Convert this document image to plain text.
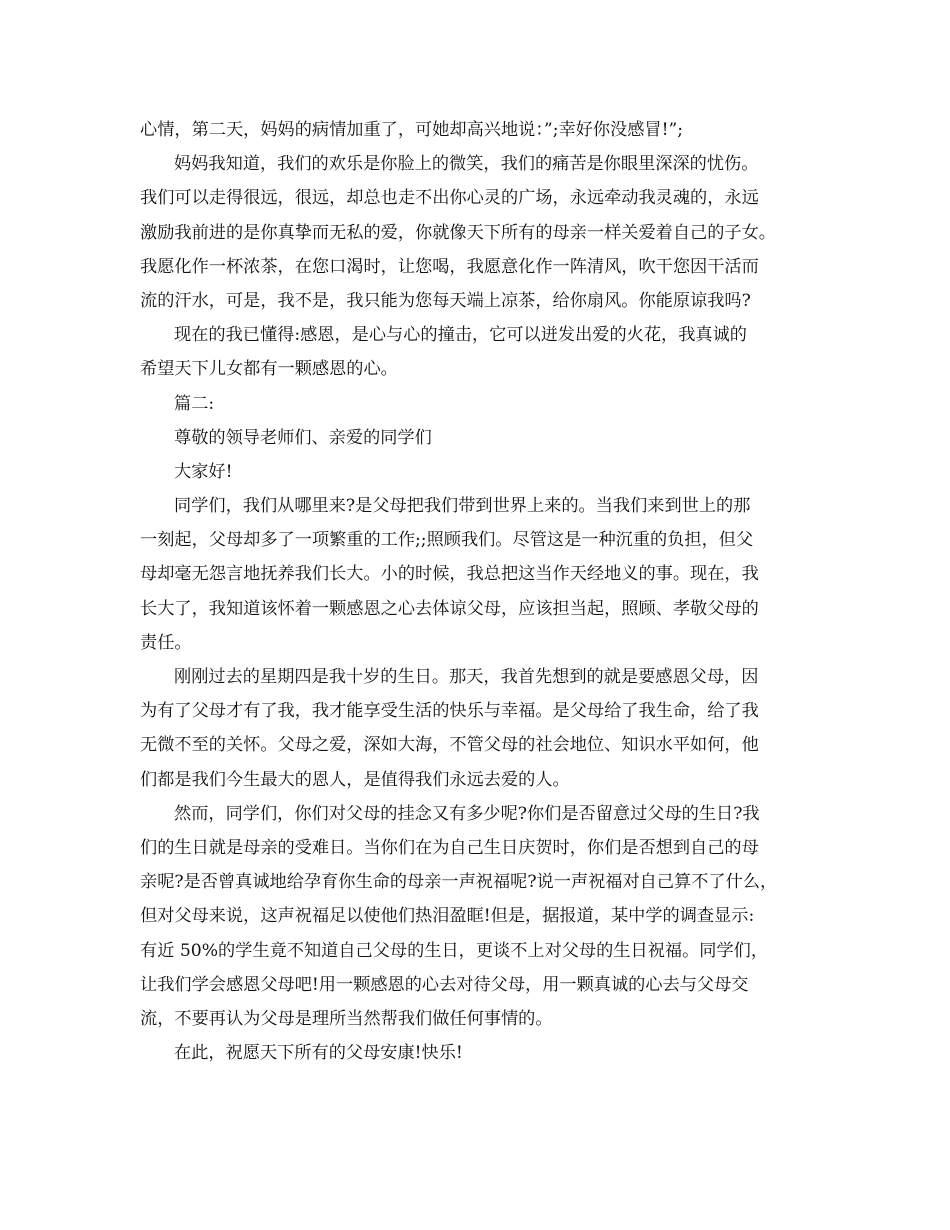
心情，第二天，妈妈的病情加重了，可她却高兴地说：”;幸好你没感冒!”;
妈妈我知道，我们的欢乐是你脸上的微笑，我们的痛苦是你眼里深深的忧伤。
我们可以走得很远，很远，却总也走不出你心灵的广场，永远牵动我灵魂的，永远
激励我前进的是你真挚而无私的爱，你就像天下所有的母亲一样关爱着自己的子女。
我愿化作一杯浓茶，在您口渴时，让您喝，我愿意化作一阵清风，吹干您因干活而
流的汗水，可是，我不是，我只能为您每天端上凉茶，给你扇风。你能原谅我吗?
现在的我已懂得:感恩，是心与心的撞击，它可以迸发出爱的火花，我真诚的
希望天下儿女都有一颗感恩的心。
篇二:
尊敬的领导老师们、亲爱的同学们
大家好!
同学们，我们从哪里来?是父母把我们带到世界上来的。当我们来到世上的那
一刻起，父母却多了一项繁重的工作;;照顾我们。尽管这是一种沉重的负担，但父
母却毫无怨言地抚养我们长大。小的时候，我总把这当作天经地义的事。现在，我
长大了，我知道该怀着一颗感恩之心去体谅父母，应该担当起，照顾、孝敬父母的
责任。
刚刚过去的星期四是我十岁的生日。那天，我首先想到的就是要感恩父母，因
为有了父母才有了我，我才能享受生活的快乐与幸福。是父母给了我生命，给了我
无微不至的关怀。父母之爱，深如大海，不管父母的社会地位、知识水平如何，他
们都是我们今生最大的恩人，是值得我们永远去爱的人。
然而，同学们，你们对父母的挂念又有多少呢?你们是否留意过父母的生日?我
们的生日就是母亲的受难日。当你们在为自己生日庆贺时，你们是否想到自己的母
亲呢?是否曾真诚地给孕育你生命的母亲一声祝福呢?说一声祝福对自己算不了什么，
但对父母来说，这声祝福足以使他们热泪盈眶!但是，据报道，某中学的调查显示:
有近 50%的学生竟不知道自己父母的生日，更谈不上对父母的生日祝福。同学们，
让我们学会感恩父母吧!用一颗感恩的心去对待父母，用一颗真诚的心去与父母交
流，不要再认为父母是理所当然帮我们做任何事情的。
在此，祝愿天下所有的父母安康!快乐!
